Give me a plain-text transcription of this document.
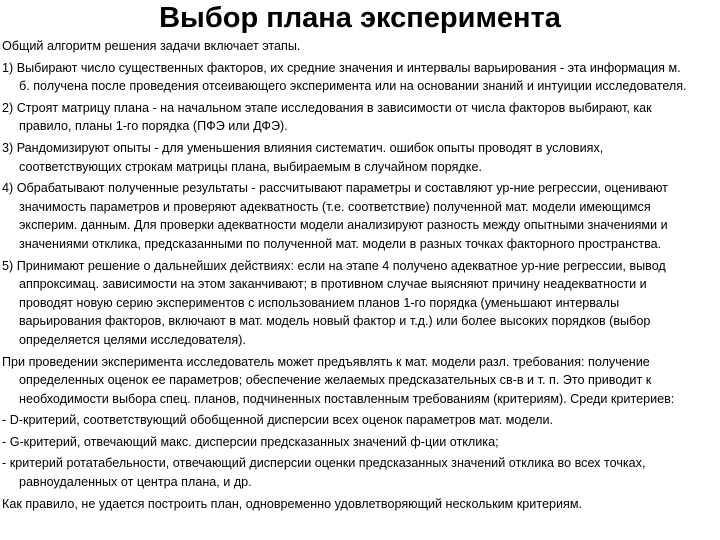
Выбор плана эксперимента
Общий алгоритм решения задачи включает этапы.
1) Выбирают число существенных факторов, их средние значения и интервалы варьирования - эта информация м.
б. получена после проведения отсеивающего эксперимента или на основании знаний и интуиции исследователя.
2) Строят матрицу плана - на начальном этапе исследования в зависимости от числа факторов выбирают, как
правило, планы 1-го порядка (ПФЭ или ДФЭ).
3) Рандомизируют опыты - для уменьшения влияния систематич. ошибок опыты проводят в условиях,
соответствующих строкам матрицы плана, выбираемым в случайном порядке.
4) Обрабатывают полученные результаты - рассчитывают параметры и составляют ур-ние регрессии, оценивают
значимость параметров и проверяют адекватность (т.е. соответствие) полученной мат. модели имеющимся
эксперим. данным. Для проверки адекватности модели анализируют разность между опытными значениями и
значениями отклика, предсказанными по полученной мат. модели в разных точках факторного пространства.
5) Принимают решение о дальнейших действиях: если на этапе 4 получено адекватное ур-ние регрессии, вывод
аппроксимац. зависимости на этом заканчивают; в противном случае выясняют причину неадекватности и
проводят новую серию экспериментов с использованием планов 1-го порядка (уменьшают интервалы
варьирования факторов, включают в мат. модель новый фактор и т.д.) или более высоких порядков (выбор
определяется целями исследователя).
При проведении эксперимента исследователь может предъявлять к мат. модели разл. требования: получение
определенных оценок ее параметров; обеспечение желаемых предсказательных св-в и т. п. Это приводит к
необходимости выбора спец. планов, подчиненных поставленным требованиям (критериям). Среди критериев:
- D-критерий, соответствующий обобщенной дисперсии всех оценок параметров мат. модели.
- G-критерий, отвечающий макс. дисперсии предсказанных значений ф-ции отклика;
- критерий ротатабельности, отвечающий дисперсии оценки предсказанных значений отклика во всех точках,
равноудаленных от центра плана, и др.
Как правило, не удается построить план, одновременно удовлетворяющий нескольким критериям.
